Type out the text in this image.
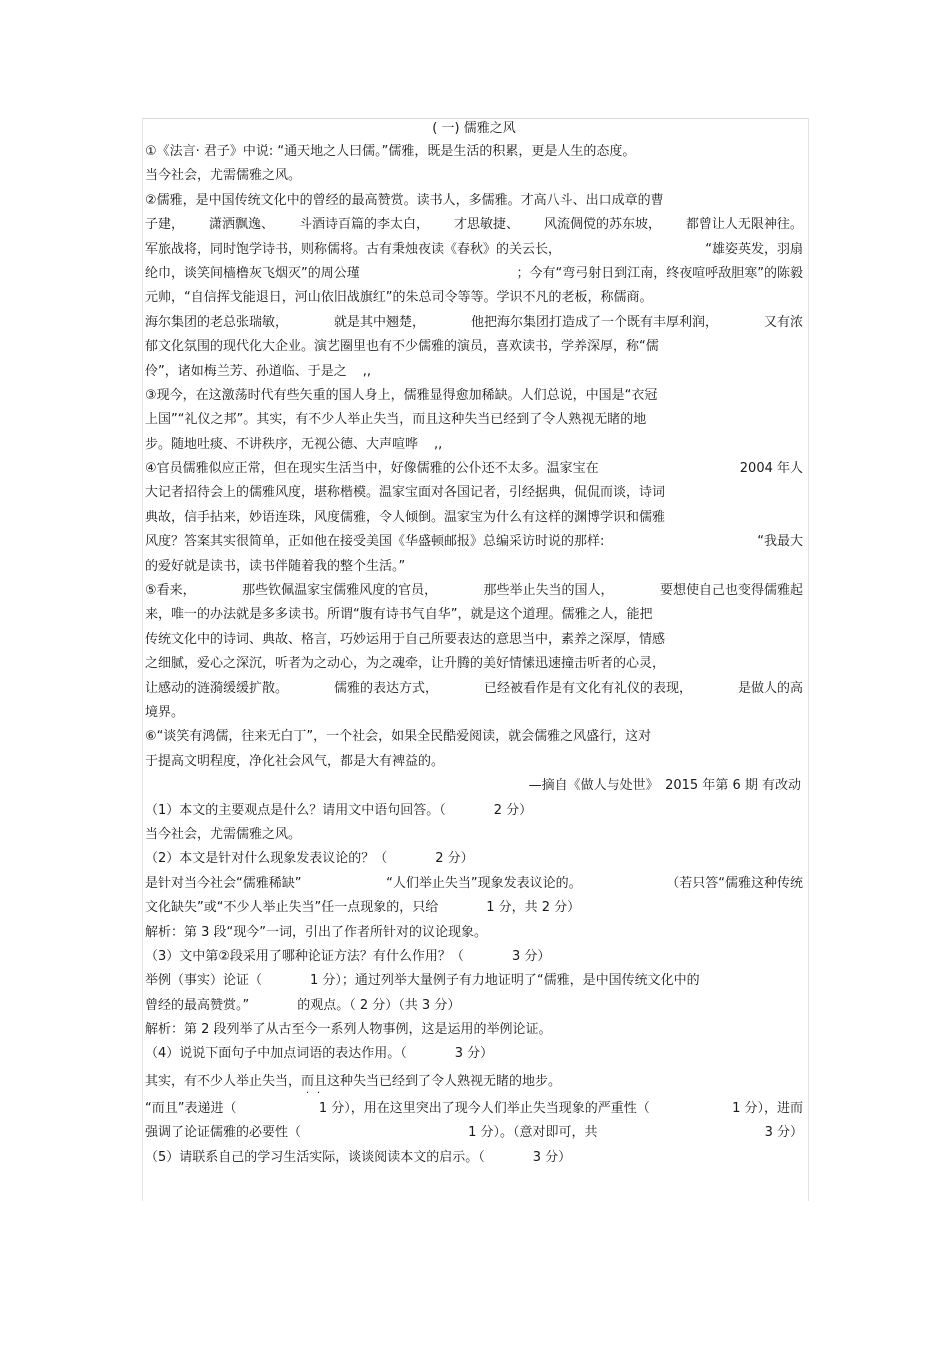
( 一) 儒雅之风
①《法言· 君子》中说: “通天地之人曰儒。”儒雅，既是生活的积累，更是人生的态度。
当今社会，尤需儒雅之风。
②儒雅，是中国传统文化中的曾经的最高赞赏。读书人，多儒雅。才高八斗、出口成章的曹
子建， 潇洒飘逸、 斗酒诗百篇的李太白， 才思敏捷、 风流倜傥的苏东坡， 都曾让人无限神往。
军旅战将，同时饱学诗书，则称儒将。古有秉烛夜读《春秋》的关云长，	“雄姿英发，羽扇
纶巾，谈笑间樯橹灰飞烟灭”的周公瑾	；今有“弯弓射日到江南，终夜喧呼敌胆寒”的陈毅
元帅，“自信挥戈能退日，河山依旧战旗红”的朱总司令等等。学识不凡的老板，称儒商。
海尔集团的老总张瑞敏，	就是其中翘楚，	他把海尔集团打造成了一个既有丰厚利润，	又有浓
郁文化氛围的现代化大企业。演艺圈里也有不少儒雅的演员，喜欢读书，学养深厚，称“儒
伶”，诸如梅兰芳、孙道临、于是之 ,,
③现今，在这激荡时代有些矢重的国人身上，儒雅显得愈加稀缺。人们总说，中国是“衣冠
上国”“礼仪之邦”。其实，有不少人举止失当，而且这种失当已经到了令人熟视无睹的地
步。随地吐痰、不讲秩序，无视公德、大声喧哗 ,,
④官员儒雅似应正常，但在现实生活当中，好像儒雅的公仆还不太多。温家宝在	2004 年人
大记者招待会上的儒雅风度，堪称楷模。温家宝面对各国记者，引经据典，侃侃而谈，诗词
典故，信手拈来，妙语连珠，风度儒雅，令人倾倒。温家宝为什么有这样的渊博学识和儒雅
风度？答案其实很简单，正如他在接受美国《华盛顿邮报》总编采访时说的那样:	“我最大
的爱好就是读书，读书伴随着我的整个生活。”
⑤看来，	那些钦佩温家宝儒雅风度的官员，	那些举止失当的国人，	要想使自己也变得儒雅起
来，唯一的办法就是多多读书。所谓“腹有诗书气自华”，就是这个道理。儒雅之人，能把
传统文化中的诗词、典故、格言，巧妙运用于自己所要表达的意思当中，素养之深厚，情感
之细腻，爱心之深沉，听者为之动心，为之魂牵，让升腾的美好情愫迅速撞击听者的心灵，
让感动的涟漪缓缓扩散。	儒雅的表达方式，	已经被看作是有文化有礼仪的表现，	是做人的高
境界。
⑥“谈笑有鸿儒，往来无白丁”，一个社会，如果全民酷爱阅读，就会儒雅之风盛行，这对
于提高文明程度，净化社会风气，都是大有裨益的。
—摘自《做人与处世》　2015 年第 6 期 有改动
（1）本文的主要观点是什么？请用文中语句回答。（	2 分）
当今社会，尤需儒雅之风。
（2）本文是针对什么现象发表议论的？（	2 分）
是针对当今社会“儒雅稀缺”	“人们举止失当”现象发表议论的。	（若只答“儒雅这种传统
文化缺失”或“不少人举止失当”任一点现象的，只给	1 分，共 2 分）
解析：第 3 段“现今”一词，引出了作者所针对的议论现象。
（3）文中第②段采用了哪种论证方法？有什么作用？（	3 分）
举例（事实）论证（	1 分）；通过列举大量例子有力地证明了“儒雅，是中国传统文化中的
曾经的最高赞赏。”	的观点。（ 2 分）（共 3 分）
解析：第 2 段列举了从古至今一系列人物事例，这是运用的举例论证。
（4）说说下面句子中加点词语的表达作用。（	3 分）
其实，有不少人举止失当，而且 · ·这种失当已经到了令人熟视无睹的地步。
“而且”表递进（	1 分），用在这里突出了现今人们举止失当现象的严重性（	1 分），进而
强调了论证儒雅的必要性（	1 分）。（意对即可，共	3 分）
（5）请联系自己的学习生活实际，谈谈阅读本文的启示。（	3 分）
